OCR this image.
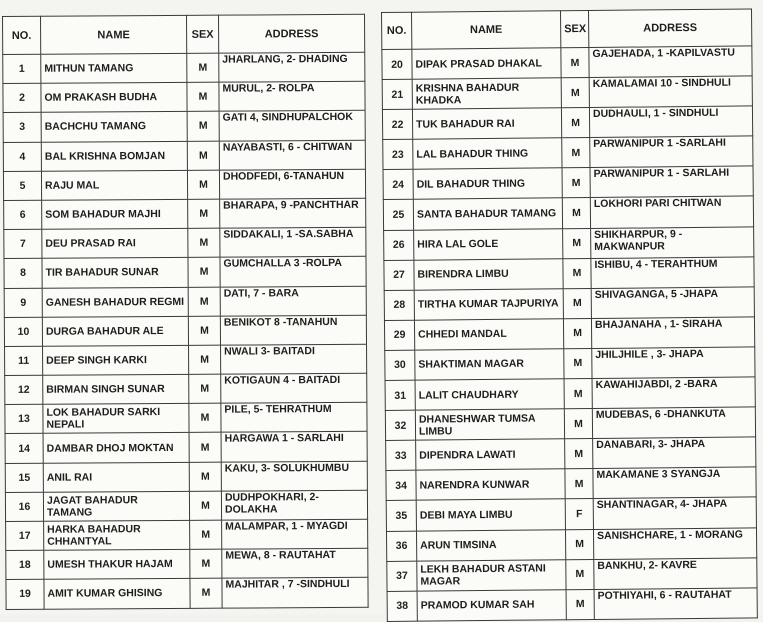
NO.	NAME	SEX	ADDRESS
1	MITHUN TAMANG	M	JHARLANG, 2- DHADING
2	OM PRAKASH BUDHA	M	MURUL, 2- ROLPA
3	BACHCHU TAMANG	M	GATI 4, SINDHUPALCHOK
4	BAL KRISHNA BOMJAN	M	NAYABASTI, 6 - CHITWAN
5	RAJU MAL	M	DHODFEDI, 6-TANAHUN
6	SOM BAHADUR MAJHI	M	BHARAPA, 9 -PANCHTHAR
7	DEU PRASAD RAI	M	SIDDAKALI, 1 -SA.SABHA
8	TIR BAHADUR SUNAR	M	GUMCHALLA 3 -ROLPA
9	GANESH BAHADUR REGMI	M	DATI, 7 - BARA
10	DURGA BAHADUR ALE	M	BENIKOT 8 -TANAHUN
11	DEEP SINGH KARKI	M	NWALI 3- BAITADI
12	BIRMAN SINGH SUNAR	M	KOTIGAUN 4 - BAITADI
13	LOK BAHADUR SARKI NEPALI	M	PILE, 5- TEHRATHUM
14	DAMBAR DHOJ MOKTAN	M	HARGAWA 1 - SARLAHI
15	ANIL RAI	M	KAKU, 3- SOLUKHUMBU
16	JAGAT BAHADUR TAMANG	M	DUDHPOKHARI, 2- DOLAKHA
17	HARKA BAHADUR CHHANTYAL	M	MALAMPAR, 1 - MYAGDI
18	UMESH THAKUR HAJAM	M	MEWA, 8 - RAUTAHAT
19	AMIT KUMAR GHISING	M	MAJHITAR , 7 -SINDHULI
NO.	NAME	SEX	ADDRESS
20	DIPAK PRASAD DHAKAL	M	GAJEHADA, 1 -KAPILVASTU
21	KRISHNA BAHADUR KHADKA	M	KAMALAMAI 10 - SINDHULI
22	TUK BAHADUR RAI	M	DUDHAULI, 1 - SINDHULI
23	LAL BAHADUR THING	M	PARWANIPUR 1 -SARLAHI
24	DIL BAHADUR THING	M	PARWANIPUR 1 - SARLAHI
25	SANTA BAHADUR TAMANG	M	LOKHORI PARI CHITWAN
26	HIRA LAL GOLE	M	SHIKHARPUR, 9 - MAKWANPUR
27	BIRENDRA LIMBU	M	ISHIBU, 4 - TERAHTHUM
28	TIRTHA KUMAR TAJPURIYA	M	SHIVAGANGA, 5 -JHAPA
29	CHHEDI MANDAL	M	BHAJANAHA , 1- SIRAHA
30	SHAKTIMAN MAGAR	M	JHILJHILE , 3- JHAPA
31	LALIT CHAUDHARY	M	KAWAHIJABDI, 2 -BARA
32	DHANESHWAR TUMSA LIMBU	M	MUDEBAS, 6 -DHANKUTA
33	DIPENDRA LAWATI	M	DANABARI, 3- JHAPA
34	NARENDRA KUNWAR	M	MAKAMANE 3 SYANGJA
35	DEBI MAYA LIMBU	F	SHANTINAGAR, 4- JHAPA
36	ARUN TIMSINA	M	SANISHCHARE, 1 - MORANG
37	LEKH BAHADUR ASTANI MAGAR	M	BANKHU, 2- KAVRE
38	PRAMOD KUMAR SAH	M	POTHIYAHI, 6 - RAUTAHAT
